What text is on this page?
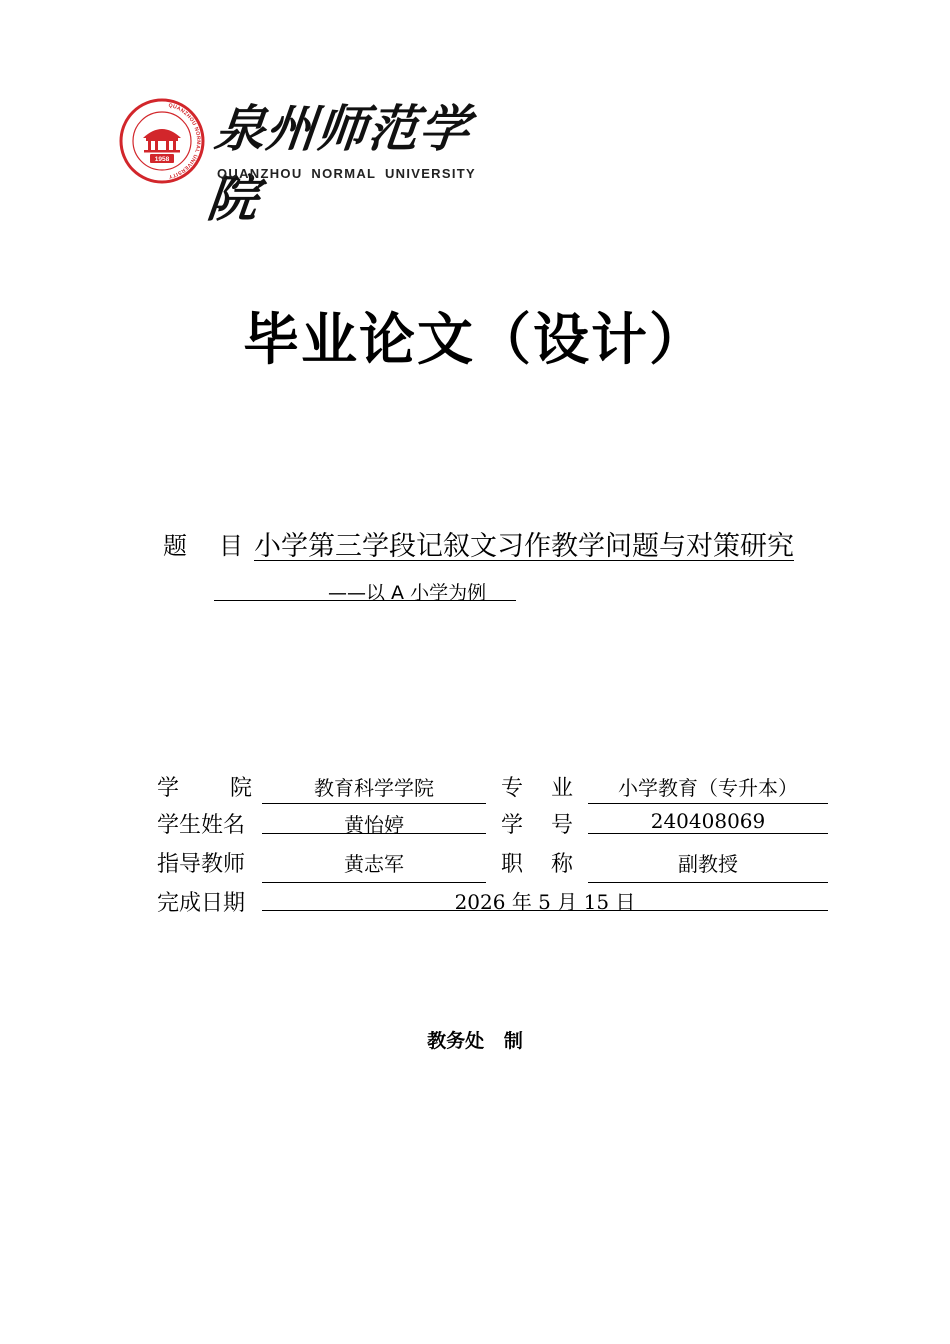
QUANZHOU NORMAL UNIVERSITY
1958
泉州师范学院
QUANZHOU NORMAL UNIVERSITY
毕业论文（设计）
题 目 小学第三学段记叙文习作教学问题与对策研究
——以 A 小学为例
学 院	教育科学学院	专 业	小学教育（专升本）
学生姓名	黄怡婷	学 号	240408069
指导教师	黄志军	职 称	副教授
完成日期	2026 年 5 月 15 日
教务处   制
